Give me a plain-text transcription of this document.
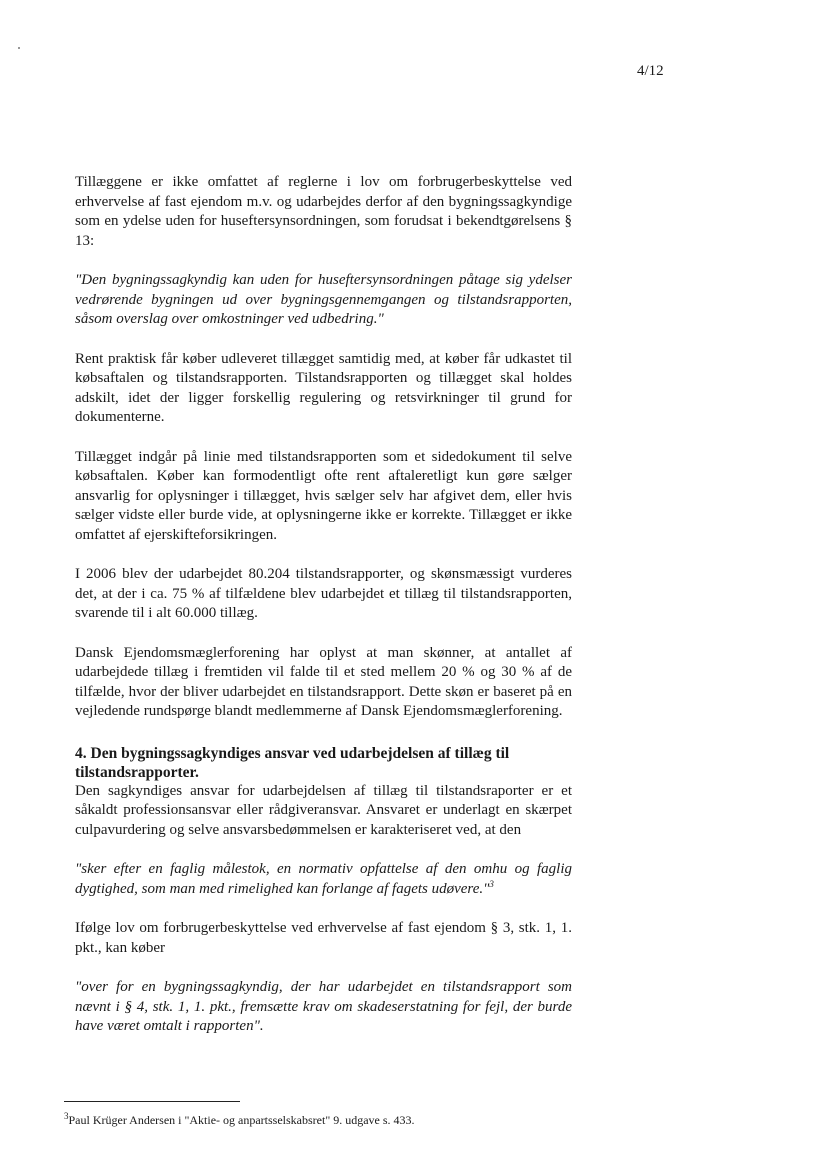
4/12

Tillæggene er ikke omfattet af reglerne i lov om forbrugerbeskyttelse ved erhvervelse af fast ejendom m.v. og udarbejdes derfor af den bygningssagkyndige som en ydelse uden for huseftersynsordningen, som forudsat i bekendtgørelsens § 13:

"Den bygningssagkyndig kan uden for huseftersynsordningen påtage sig ydelser vedrørende bygningen ud over bygningsgennemgangen og tilstandsrapporten, såsom overslag over omkostninger ved udbedring."

Rent praktisk får køber udleveret tillægget samtidig med, at køber får udkastet til købsaftalen og tilstandsrapporten. Tilstandsrapporten og tillægget skal holdes adskilt, idet der ligger forskellig regulering og retsvirkninger til grund for dokumenterne.

Tillægget indgår på linie med tilstandsrapporten som et sidedokument til selve købsaftalen. Køber kan formodentligt ofte rent aftaleretligt kun gøre sælger ansvarlig for oplysninger i tillægget, hvis sælger selv har afgivet dem, eller hvis sælger vidste eller burde vide, at oplysningerne ikke er korrekte. Tillægget er ikke omfattet af ejerskifteforsikringen.

I 2006 blev der udarbejdet 80.204 tilstandsrapporter, og skønsmæssigt vurderes det, at der i ca. 75 % af tilfældene blev udarbejdet et tillæg til tilstandsrapporten, svarende til i alt 60.000 tillæg.

Dansk Ejendomsmæglerforening har oplyst at man skønner, at antallet af udarbejdede tillæg i fremtiden vil falde til et sted mellem 20 % og 30 % af de tilfælde, hvor der bliver udarbejdet en tilstandsrapport. Dette skøn er baseret på en vejledende rundspørge blandt medlemmerne af Dansk Ejendomsmæglerforening.

4. Den bygningssagkyndiges ansvar ved udarbejdelsen af tillæg til tilstandsrapporter.

Den sagkyndiges ansvar for udarbejdelsen af tillæg til tilstandsraporter er et såkaldt professionsansvar eller rådgiveransvar. Ansvaret er underlagt en skærpet culpavurdering og selve ansvarsbedømmelsen er karakteriseret ved, at den

"sker efter en faglig målestok, en normativ opfattelse af den omhu og faglig dygtighed, som man med rimelighed kan forlange af fagets udøvere."$^3$

Ifølge lov om forbrugerbeskyttelse ved erhvervelse af fast ejendom § 3, stk. 1, 1. pkt., kan køber

"over for en bygningssagkyndig, der har udarbejdet en tilstandsrapport som nævnt i § 4, stk. 1, 1. pkt., fremsætte krav om skadeserstatning for fejl, der burde have været omtalt i rapporten".

$^3$Paul Krüger Andersen i "Aktie- og anpartsselskabsret" 9. udgave s. 433.
